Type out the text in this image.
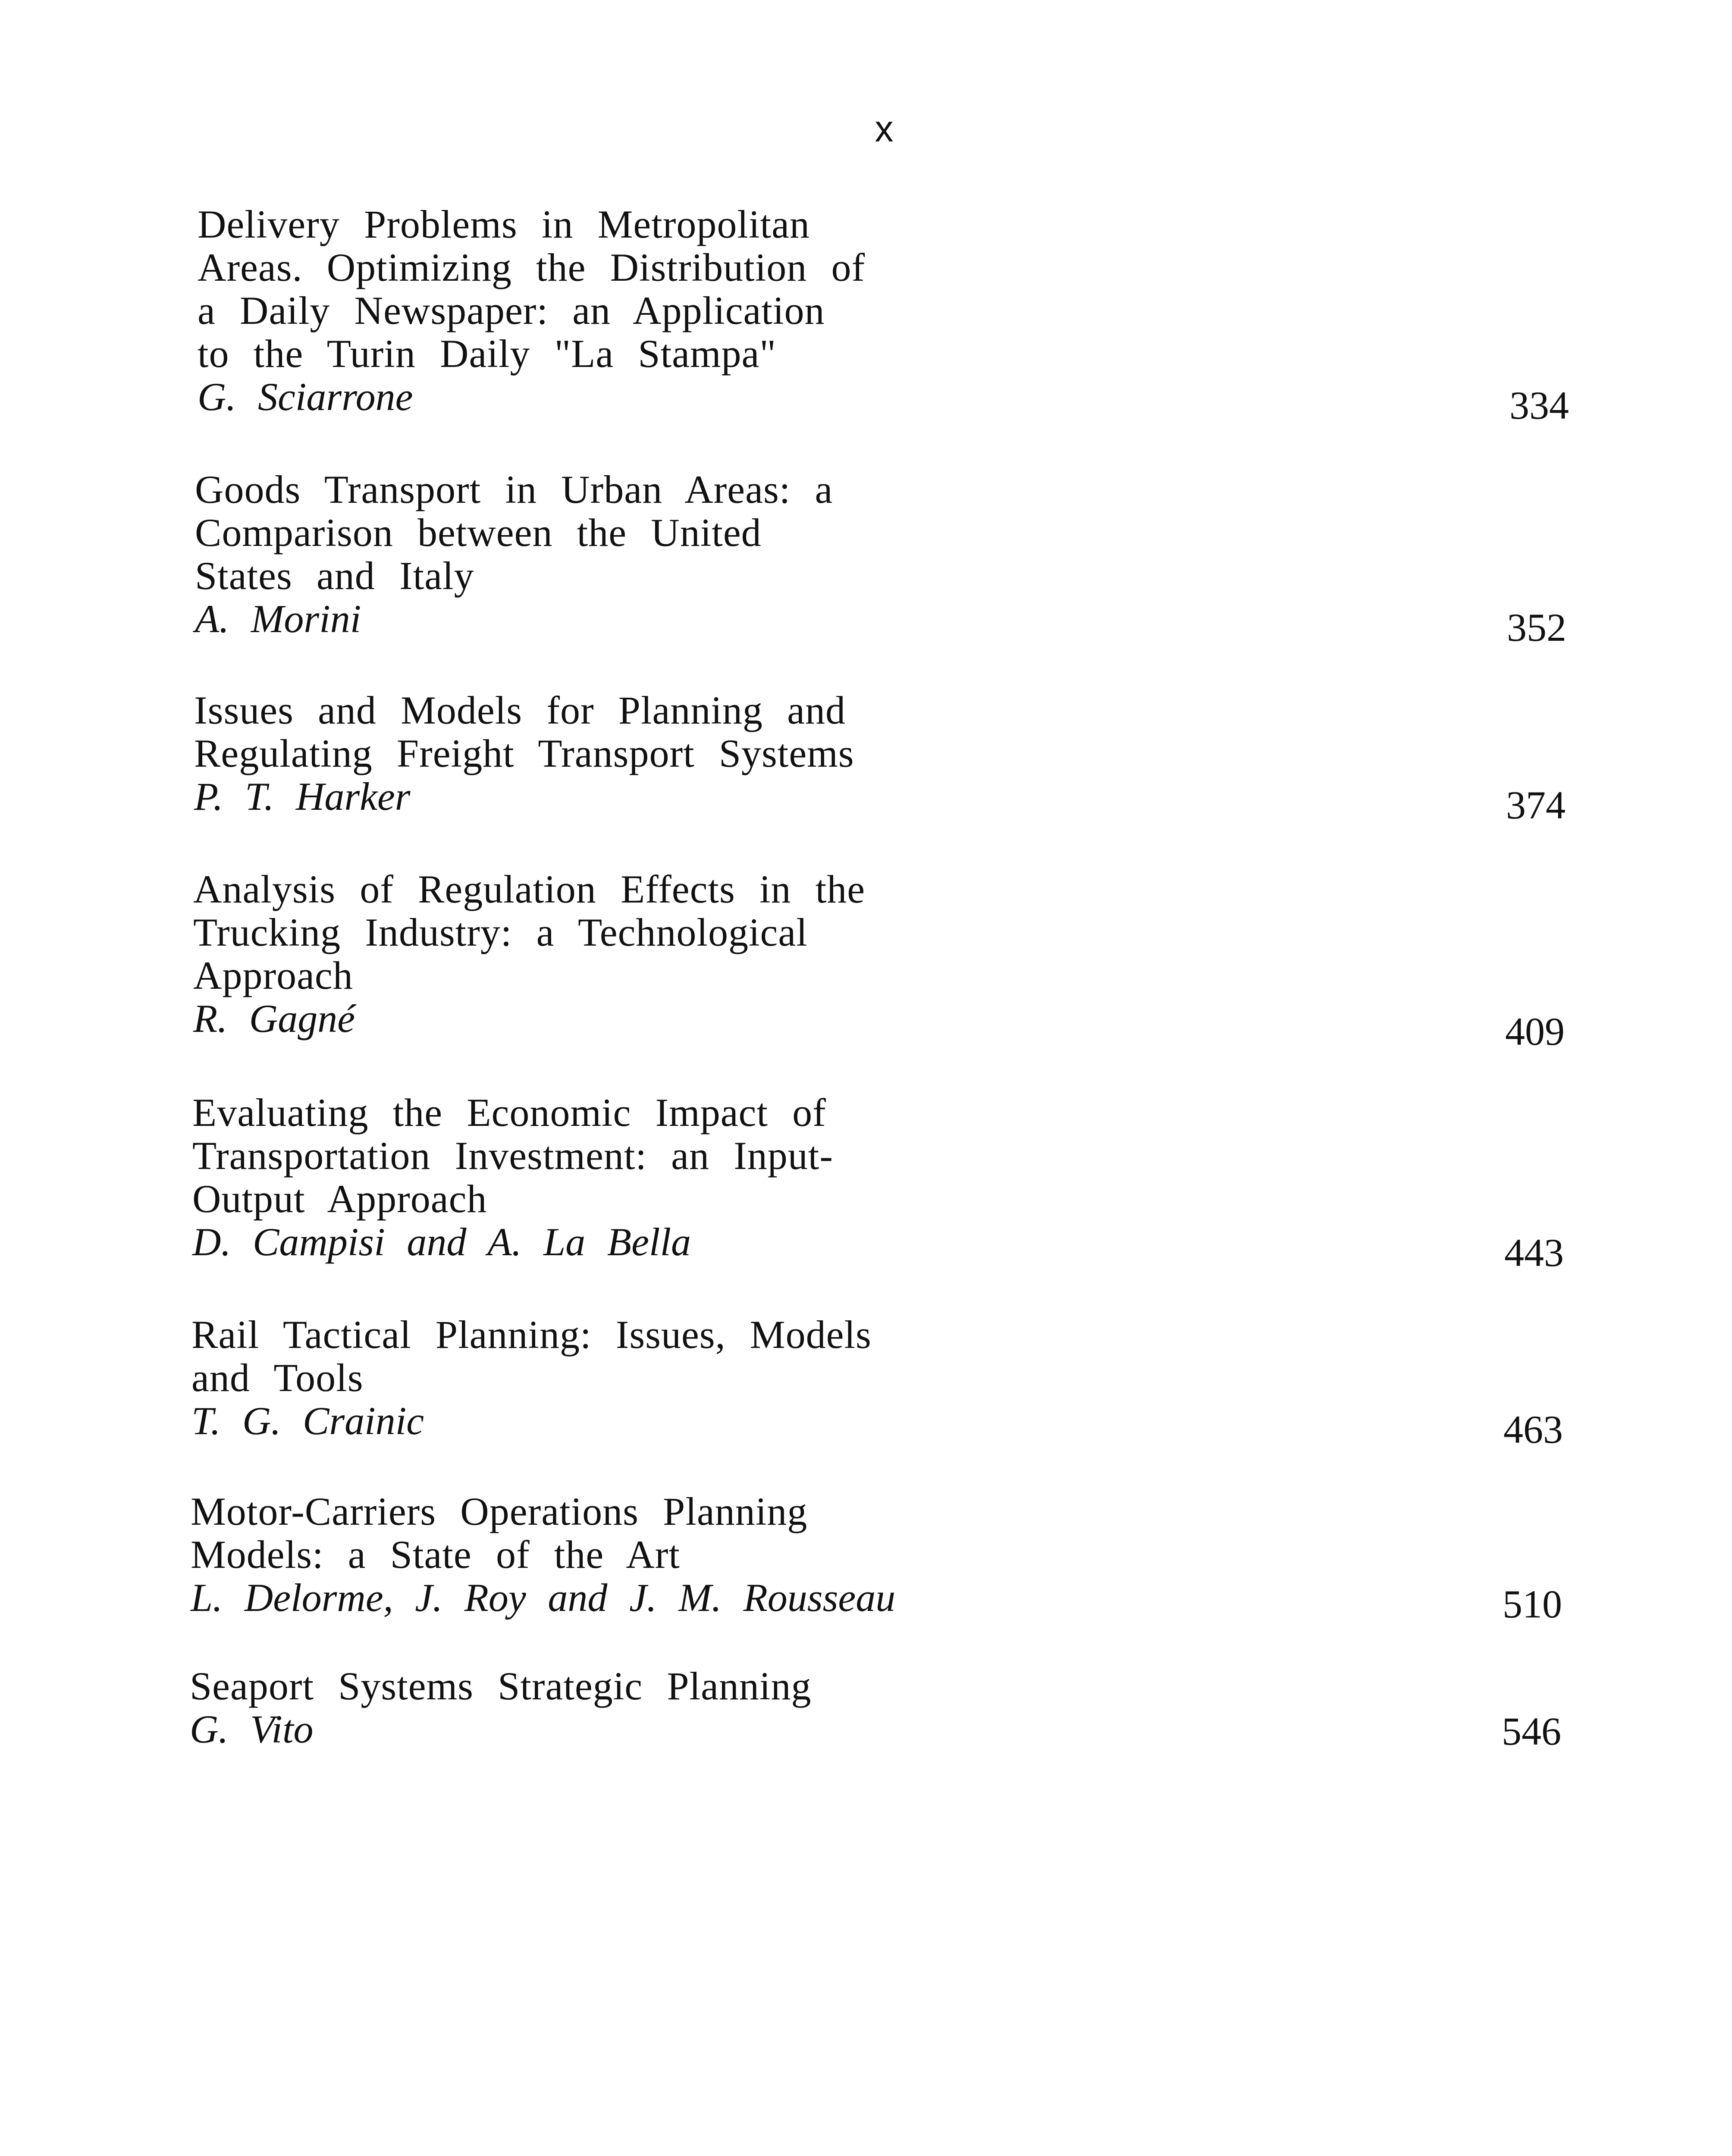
x
Delivery Problems in Metropolitan
Areas. Optimizing the Distribution of
a Daily Newspaper: an Application
to the Turin Daily "La Stampa"
G. Sciarrone	334
Goods Transport in Urban Areas: a
Comparison between the United
States and Italy
A. Morini	352
Issues and Models for Planning and
Regulating Freight Transport Systems
P. T. Harker	374
Analysis of Regulation Effects in the
Trucking Industry: a Technological
Approach
R. Gagné	409
Evaluating the Economic Impact of
Transportation Investment: an Input-
Output Approach
D. Campisi and A. La Bella	443
Rail Tactical Planning: Issues, Models
and Tools
T. G. Crainic	463
Motor-Carriers Operations Planning
Models: a State of the Art
L. Delorme, J. Roy and J. M. Rousseau	510
Seaport Systems Strategic Planning
G. Vito	546
